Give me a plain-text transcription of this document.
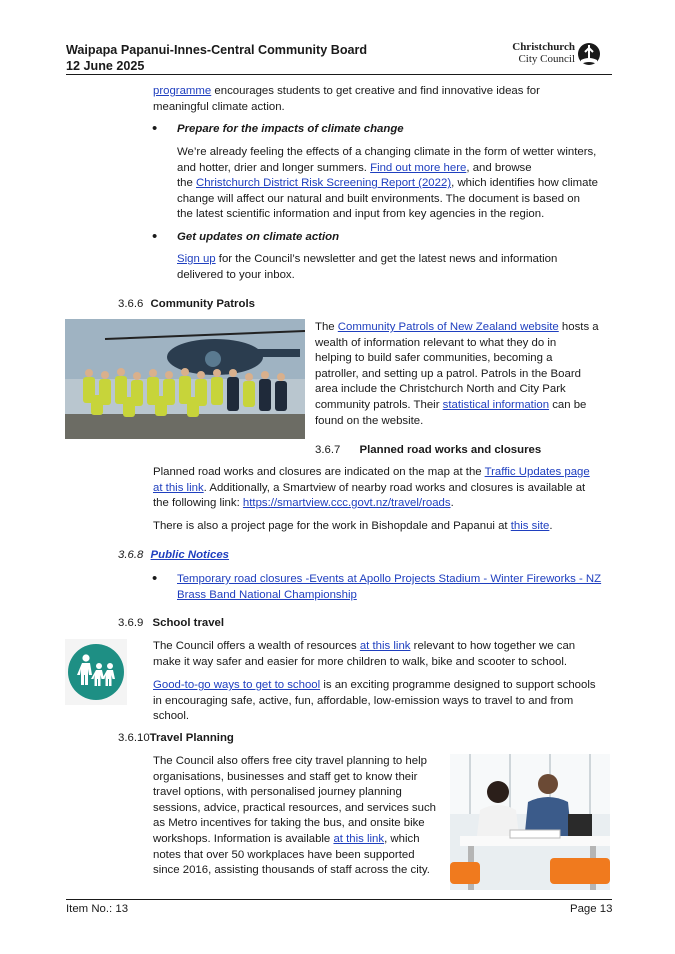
Waipapa Papanui-Innes-Central Community Board
12 June 2025
Christchurch
City Council
programme encourages students to get creative and find innovative ideas for
meaningful climate action.
• Prepare for the impacts of climate change
We’re already feeling the effects of a changing climate in the form of wetter winters,
and hotter, drier and longer summers. Find out more here, and browse
the Christchurch District Risk Screening Report (2022), which identifies how climate
change will affect our natural and built environments. The document is based on
the latest scientific information and input from key agencies in the region.
• Get updates on climate action
Sign up for the Council’s newsletter and get the latest news and information
delivered to your inbox.
3.6.6 Community Patrols
The Community Patrols of New Zealand website hosts a
wealth of information relevant to what they do in
helping to build safer communities, becoming a
patroller, and setting up a patrol. Patrols in the Board
area include the Christchurch North and City Park
community patrols. Their statistical information can be
found on the website.
3.6.7 Planned road works and closures
Planned road works and closures are indicated on the map at the Traffic Updates page
at this link. Additionally, a Smartview of nearby road works and closures is available at
the following link: https://smartview.ccc.govt.nz/travel/roads.
There is also a project page for the work in Bishopdale and Papanui at this site.
3.6.8 Public Notices
• Temporary road closures -Events at Apollo Projects Stadium - Winter Fireworks - NZ
Brass Band National Championship
3.6.9 School travel
The Council offers a wealth of resources at this link relevant to how together we can
make it way safer and easier for more children to walk, bike and scooter to school.
Good-to-go ways to get to school is an exciting programme designed to support schools
in encouraging safe, active, fun, affordable, low-emission ways to travel to and from
school.
3.6.10Travel Planning
The Council also offers free city travel planning to help
organisations, businesses and staff get to know their
travel options, with personalised journey planning
sessions, advice, practical resources, and services such
as Metro incentives for taking the bus, and onsite bike
workshops. Information is available at this link, which
notes that over 50 workplaces have been supported
since 2016, assisting thousands of staff across the city.
Item No.: 13	Page 13
